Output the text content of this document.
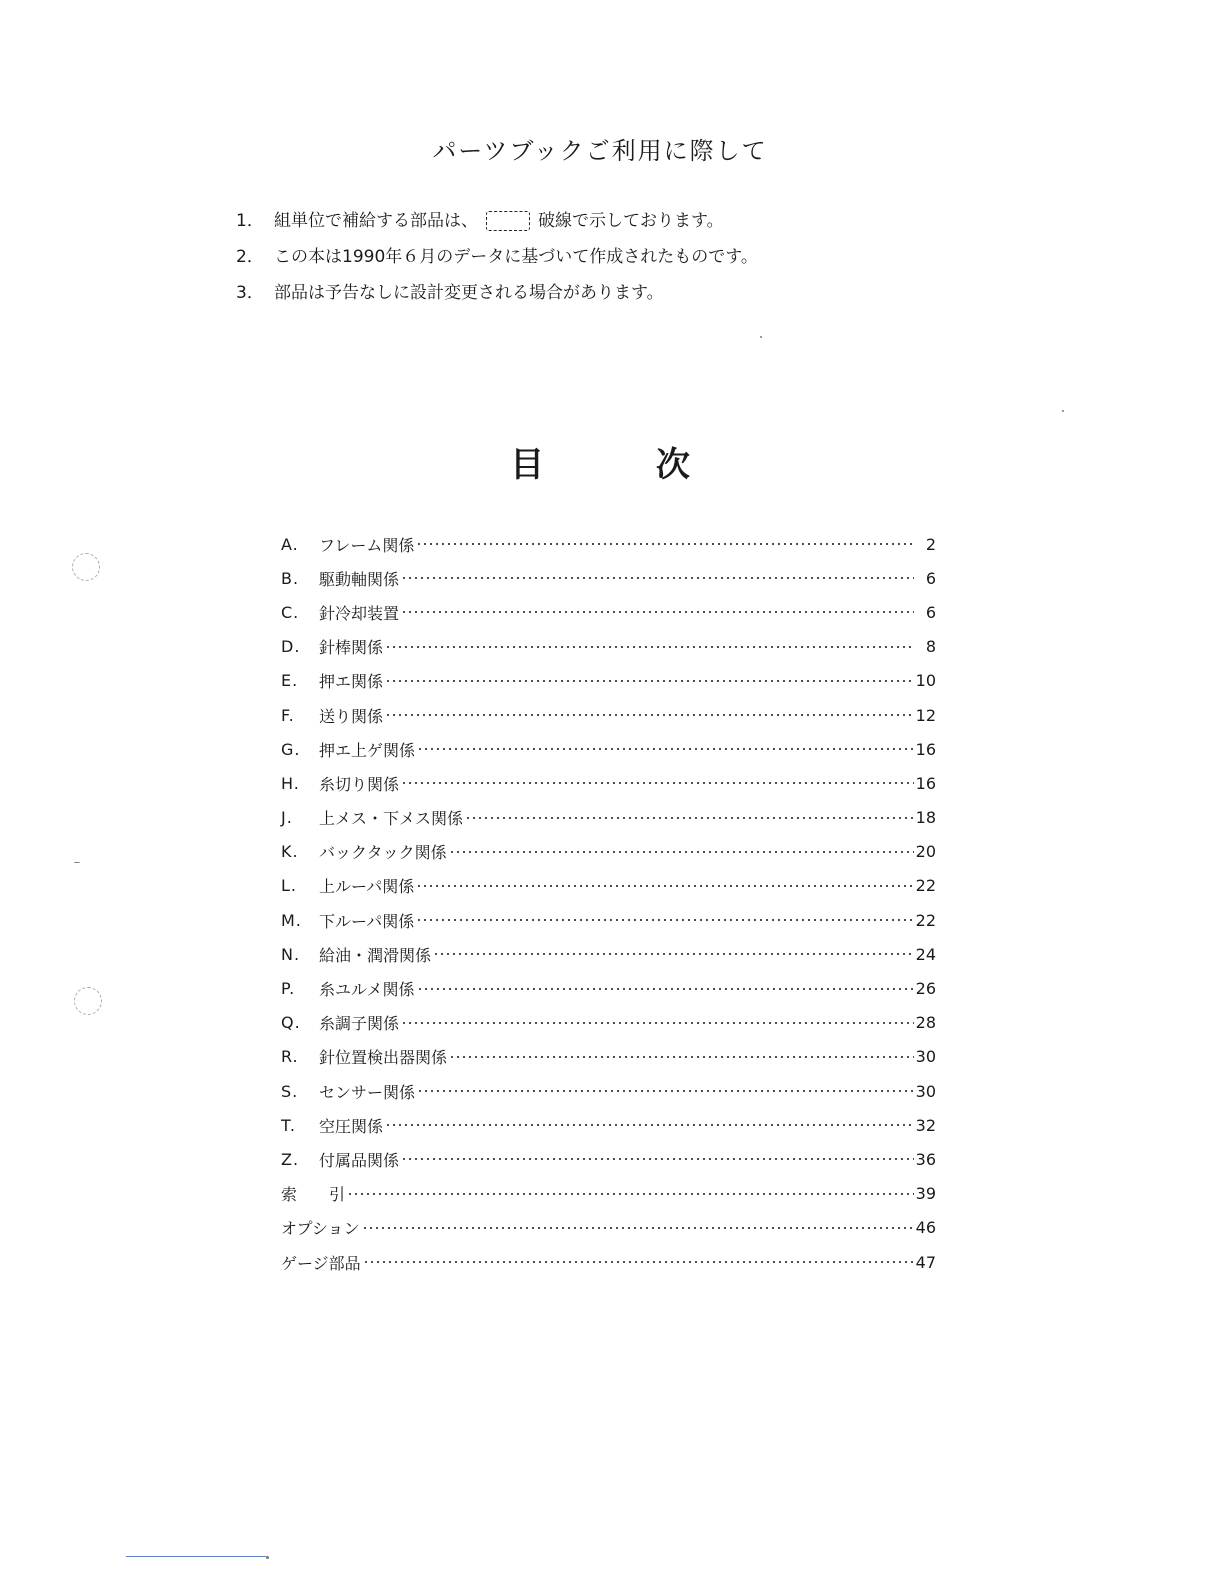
パーツブックご利用に際して
1． 組単位で補給する部品は、	破線で示しております。
2． この本は1990年６月のデータに基づいて作成されたものです。
3． 部品は予告なしに設計変更される場合があります。
目	次
A.	フレーム関係	2
B.	駆動軸関係	6
C.	針冷却装置	6
D.	針棒関係	8
E.	押エ関係	10
F.	送り関係	12
G.	押エ上ゲ関係	16
H.	糸切り関係	16
J.	上メス・下メス関係	18
K.	バックタック関係	20
L.	上ルーパ関係	22
M.	下ルーパ関係	22
N.	給油・潤滑関係	24
P.	糸ユルメ関係	26
Q.	糸調子関係	28
R.	針位置検出器関係	30
S.	センサー関係	30
T.	空圧関係	32
Z.	付属品関係	36
索　　引	39
オプション	46
ゲージ部品	47
